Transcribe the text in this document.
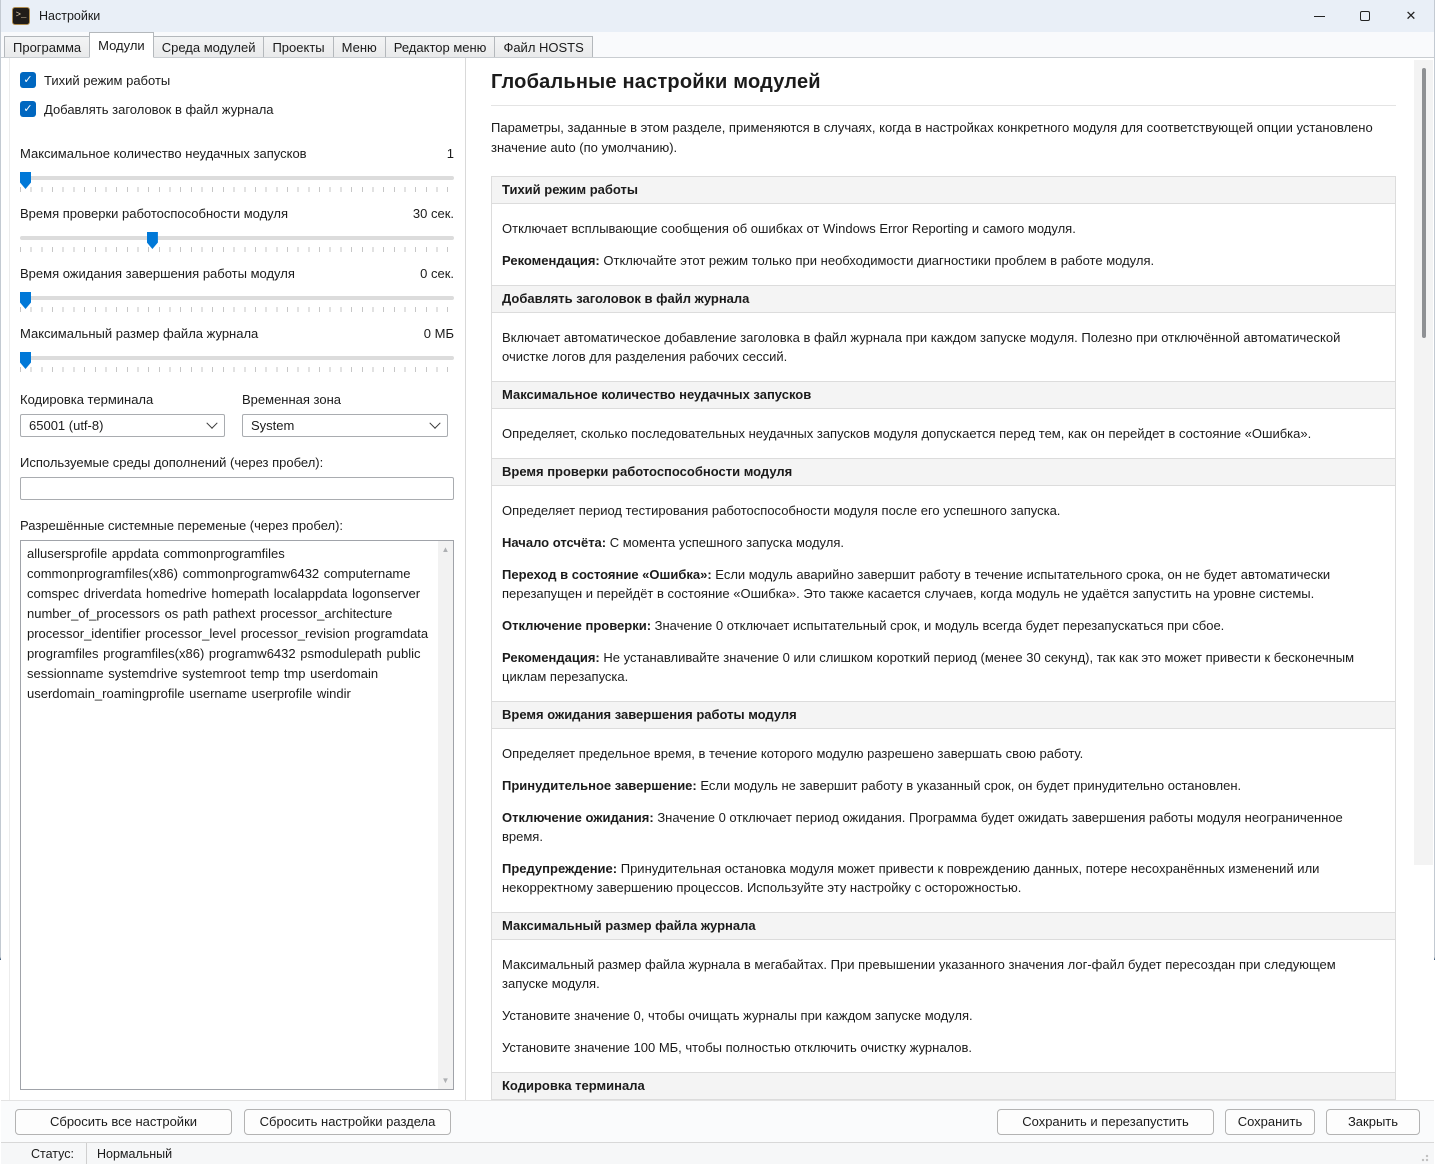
>_ Настройки	✕
Программа	Модули	Среда модулей	Проекты	Меню	Редактор меню	Файл HOSTS
✓ Тихий режим работы
✓ Добавлять заголовок в файл журнала
Максимальное количество неудачных запусков	1
Время проверки работоспособности модуля	30 сек.
Время ожидания завершения работы модуля	0 сек.
Максимальный размер файла журнала	0 МБ
Кодировка терминала	Временная зона
65001 (utf-8)	System
Используемые среды дополнений (через пробел):
Разрешённые системные переменые (через пробел):
allusersprofile appdata commonprogramfiles commonprogramfiles(x86) commonprogramw6432 computername comspec driverdata homedrive homepath localappdata logonserver number_of_processors os path pathext processor_architecture processor_identifier processor_level processor_revision programdata programfiles programfiles(x86) programw6432 psmodulepath public sessionname systemdrive systemroot temp tmp userdomain userdomain_roamingprofile username userprofile windir
▲
▼
Глобальные настройки модулей
Параметры, заданные в этом разделе, применяются в случаях, когда в настройках конкретного модуля для соответствующей опции установлено значение auto (по умолчанию).
Тихий режим работы

Отключает всплывающие сообщения об ошибках от Windows Error Reporting и самого модуля.

Рекомендация: Отключайте этот режим только при необходимости диагностики проблем в работе модуля.

Добавлять заголовок в файл журнала

Включает автоматическое добавление заголовка в файл журнала при каждом запуске модуля. Полезно при отключённой автоматической очистке логов для разделения рабочих сессий.

Максимальное количество неудачных запусков

Определяет, сколько последовательных неудачных запусков модуля допускается перед тем, как он перейдет в состояние «Ошибка».

Время проверки работоспособности модуля

Определяет период тестирования работоспособности модуля после его успешного запуска.

Начало отсчёта: С момента успешного запуска модуля.

Переход в состояние «Ошибка»: Если модуль аварийно завершит работу в течение испытательного срока, он не будет автоматически перезапущен и перейдёт в состояние «Ошибка». Это также касается случаев, когда модуль не удаётся запустить на уровне системы.

Отключение проверки: Значение 0 отключает испытательный срок, и модуль всегда будет перезапускаться при сбое.

Рекомендация: Не устанавливайте значение 0 или слишком короткий период (менее 30 секунд), так как это может привести к бесконечным циклам перезапуска.

Время ожидания завершения работы модуля

Определяет предельное время, в течение которого модулю разрешено завершать свою работу.

Принудительное завершение: Если модуль не завершит работу в указанный срок, он будет принудительно остановлен.

Отключение ожидания: Значение 0 отключает период ожидания. Программа будет ожидать завершения работы модуля неограниченное время.

Предупреждение: Принудительная остановка модуля может привести к повреждению данных, потере несохранённых изменений или некорректному завершению процессов. Используйте эту настройку с осторожностью.

Максимальный размер файла журнала

Максимальный размер файла журнала в мегабайтах. При превышении указанного значения лог-файл будет пересоздан при следующем запуске модуля.

Установите значение 0, чтобы очищать журналы при каждом запуске модуля.

Установите значение 100 МБ, чтобы полностью отключить очистку журналов.

Кодировка терминала
Сбросить все настройки	Сбросить настройки раздела	Сохранить и перезапустить	Сохранить	Закрыть
Статус: Нормальный
